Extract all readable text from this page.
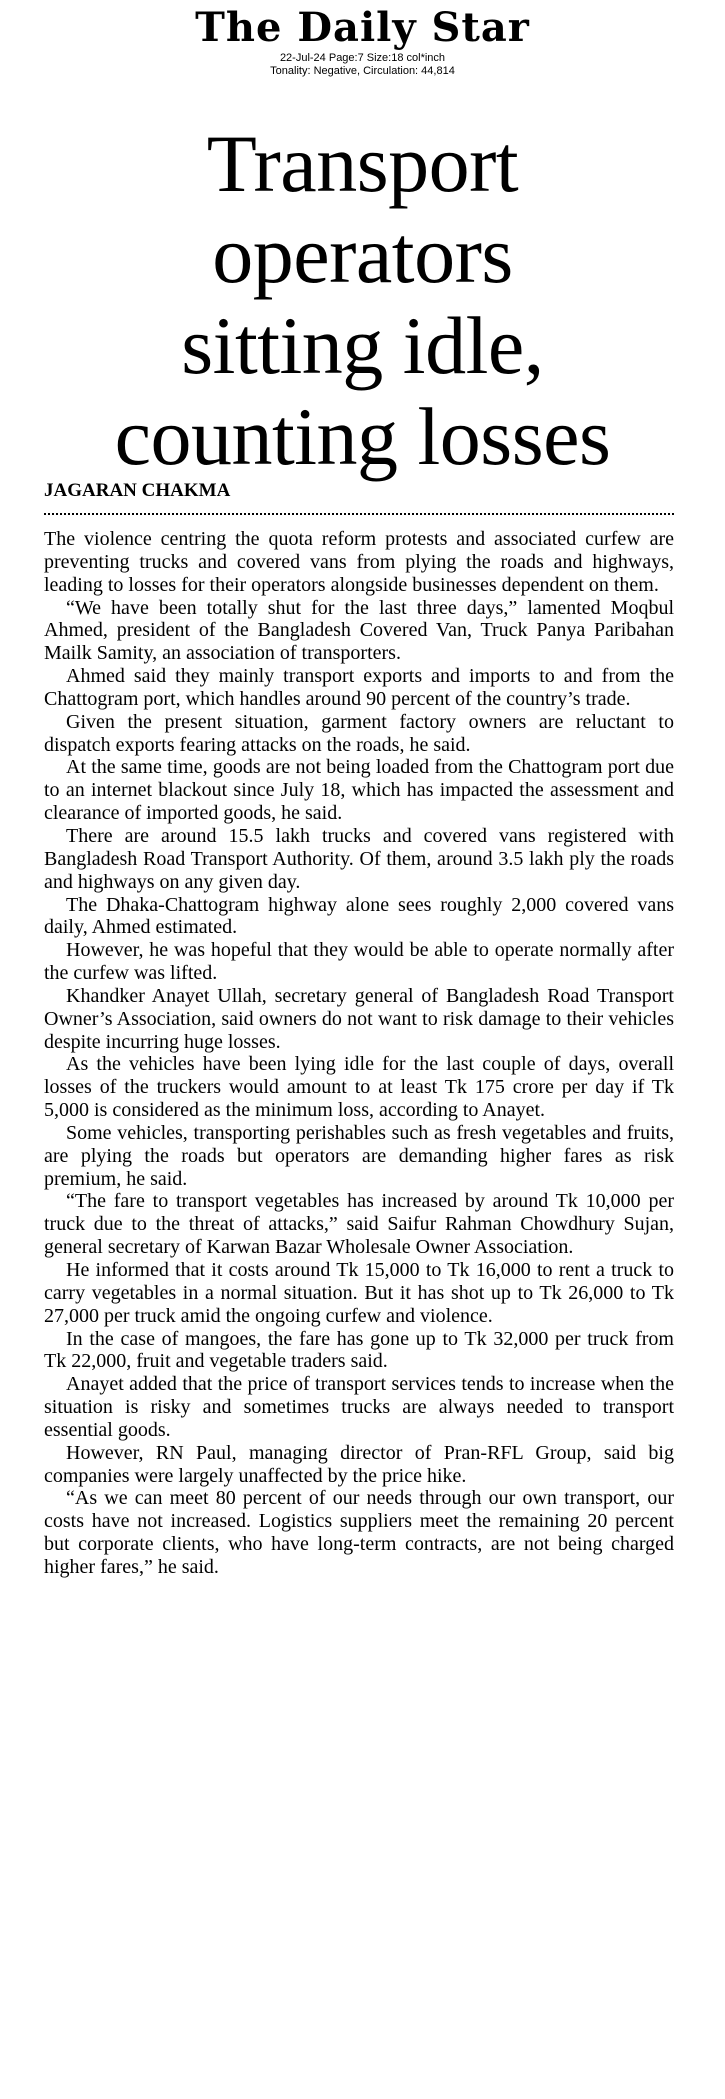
The Daily Star
22-Jul-24 Page:7 Size:18 col*inch
Tonality: Negative, Circulation: 44,814
Transport
operators
sitting idle,
counting losses
JAGARAN CHAKMA

The violence centring the quota reform protests and associated curfew are preventing trucks and covered vans from plying the roads and highways, leading to losses for their operators alongside businesses dependent on them.

“We have been totally shut for the last three days,” lamented Moqbul Ahmed, president of the Bangladesh Covered Van, Truck Panya Paribahan Mailk Samity, an association of transporters.

Ahmed said they mainly transport exports and imports to and from the Chattogram port, which handles around 90 percent of the country’s trade.

Given the present situation, garment factory owners are reluctant to dispatch exports fearing attacks on the roads, he said.

At the same time, goods are not being loaded from the Chattogram port due to an internet blackout since July 18, which has impacted the assessment and clearance of imported goods, he said.

There are around 15.5 lakh trucks and covered vans registered with Bangladesh Road Transport Authority. Of them, around 3.5 lakh ply the roads and highways on any given day.

The Dhaka-Chattogram highway alone sees roughly 2,000 covered vans daily, Ahmed estimated.

However, he was hopeful that they would be able to operate normally after the curfew was lifted.

Khandker Anayet Ullah, secretary general of Bangladesh Road Transport Owner’s Association, said owners do not want to risk damage to their vehicles despite incurring huge losses.

As the vehicles have been lying idle for the last couple of days, overall losses of the truckers would amount to at least Tk 175 crore per day if Tk 5,000 is considered as the minimum loss, according to Anayet.

Some vehicles, transporting perishables such as fresh vegetables and fruits, are plying the roads but operators are demanding higher fares as risk premium, he said.

“The fare to transport vegetables has increased by around Tk 10,000 per truck due to the threat of attacks,” said Saifur Rahman Chowdhury Sujan, general secretary of Karwan Bazar Wholesale Owner Association.

He informed that it costs around Tk 15,000 to Tk 16,000 to rent a truck to carry vegetables in a normal situation. But it has shot up to Tk 26,000 to Tk 27,000 per truck amid the ongoing curfew and violence.

In the case of mangoes, the fare has gone up to Tk 32,000 per truck from Tk 22,000, fruit and vegetable traders said.

Anayet added that the price of transport services tends to increase when the situation is risky and sometimes trucks are always needed to transport essential goods.

However, RN Paul, managing director of Pran-RFL Group, said big companies were largely unaffected by the price hike.

“As we can meet 80 percent of our needs through our own transport, our costs have not increased. Logistics suppliers meet the remaining 20 percent but corporate clients, who have long-term contracts, are not being charged higher fares,” he said.
